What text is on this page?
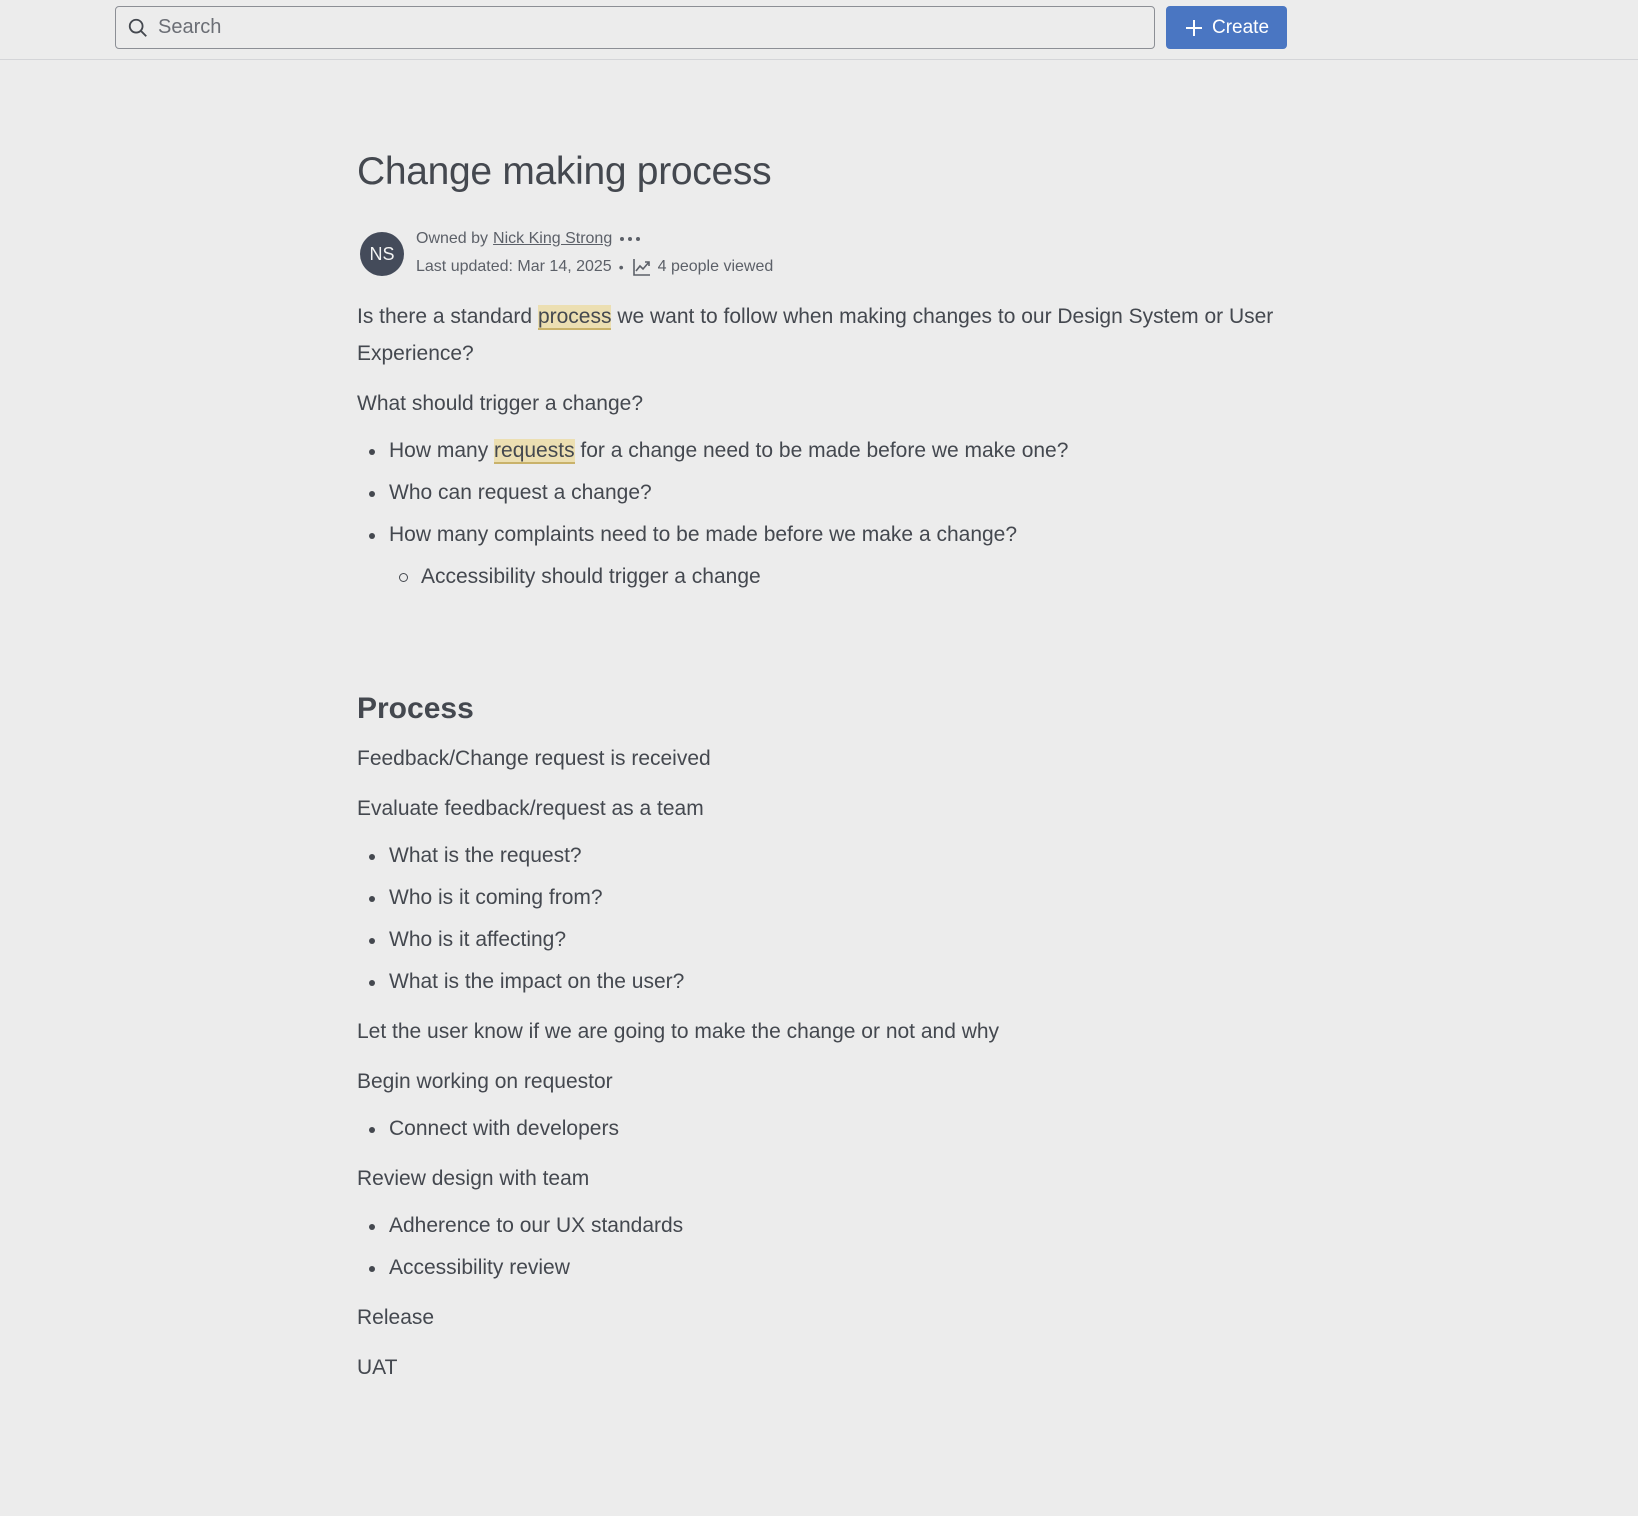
Search
Create
Change making process
NS
Owned by Nick King Strong
Last updated: Mar 14, 2025 • 4 people viewed
Is there a standard process we want to follow when making changes to our Design System or User Experience?
What should trigger a change?
How many requests for a change need to be made before we make one?
Who can request a change?
How many complaints need to be made before we make a change?
Accessibility should trigger a change
Process
Feedback/Change request is received
Evaluate feedback/request as a team
What is the request?
Who is it coming from?
Who is it affecting?
What is the impact on the user?
Let the user know if we are going to make the change or not and why
Begin working on requestor
Connect with developers
Review design with team
Adherence to our UX standards
Accessibility review
Release
UAT
